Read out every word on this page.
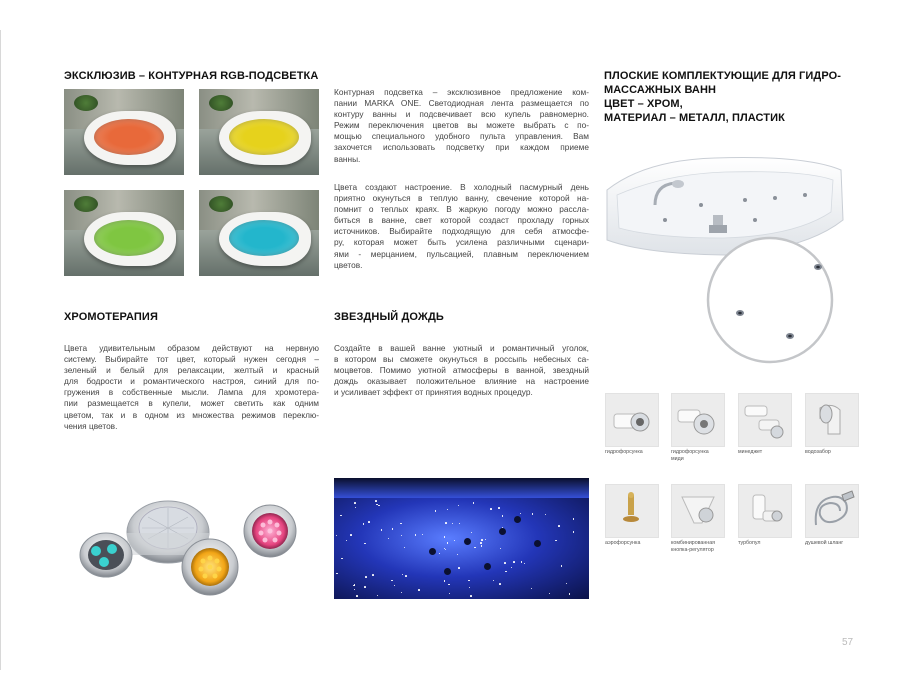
ЭКСКЛЮЗИВ – КОНТУРНАЯ RGB-ПОДСВЕТКА
Контурная подсветка – эксклюзивное предложение ком-
пании MARKA ONE. Светодиодная лента размещается по
контуру ванны и подсвечивает всю купель равномерно.
Режим переключения цветов вы можете выбрать с по-
мощью специального удобного пульта управления. Вам
захочется использовать подсветку при каждом приеме
ванны.
Цвета создают настроение. В холодный пасмурный день
приятно окунуться в теплую ванну, свечение которой на-
помнит о теплых краях. В жаркую погоду можно рассла-
биться в ванне, свет которой создаст прохладу горных
источников. Выбирайте подходящую для себя атмосфе-
ру, которая может быть усилена различными сценари-
ями - мерцанием, пульсацией, плавным переключением
цветов.
ХРОМОТЕРАПИЯ
Цвета удивительным образом действуют на нервную
систему. Выбирайте тот цвет, который нужен сегодня –
зеленый и белый для релаксации, желтый и красный
для бодрости и романтического настроя, синий для по-
гружения в собственные мысли. Лампа для хромотера-
пии размещается в купели, может светить как одним
цветом, так и в одном из множества режимов переклю-
чения цветов.
ЗВЕЗДНЫЙ ДОЖДЬ
Создайте в вашей ванне уютный и романтичный уголок,
в котором вы сможете окунуться в россыпь небесных са-
моцветов. Помимо уютной атмосферы в ванной, звездный
дождь оказывает положительное влияние на настроение
и усиливает эффект от принятия водных процедур.
ПЛОСКИЕ КОМПЛЕКТУЮЩИЕ ДЛЯ ГИДРО-
МАССАЖНЫХ ВАНН
ЦВЕТ – ХРОМ,
МАТЕРИАЛ – МЕТАЛЛ, ПЛАСТИК
гидрофорсунка	гидрофорсунка
миди
минеджет	водозабор
аэрофорсунка	комбинированная
кнопка-регулятор
турбопул	душевой шланг
57
